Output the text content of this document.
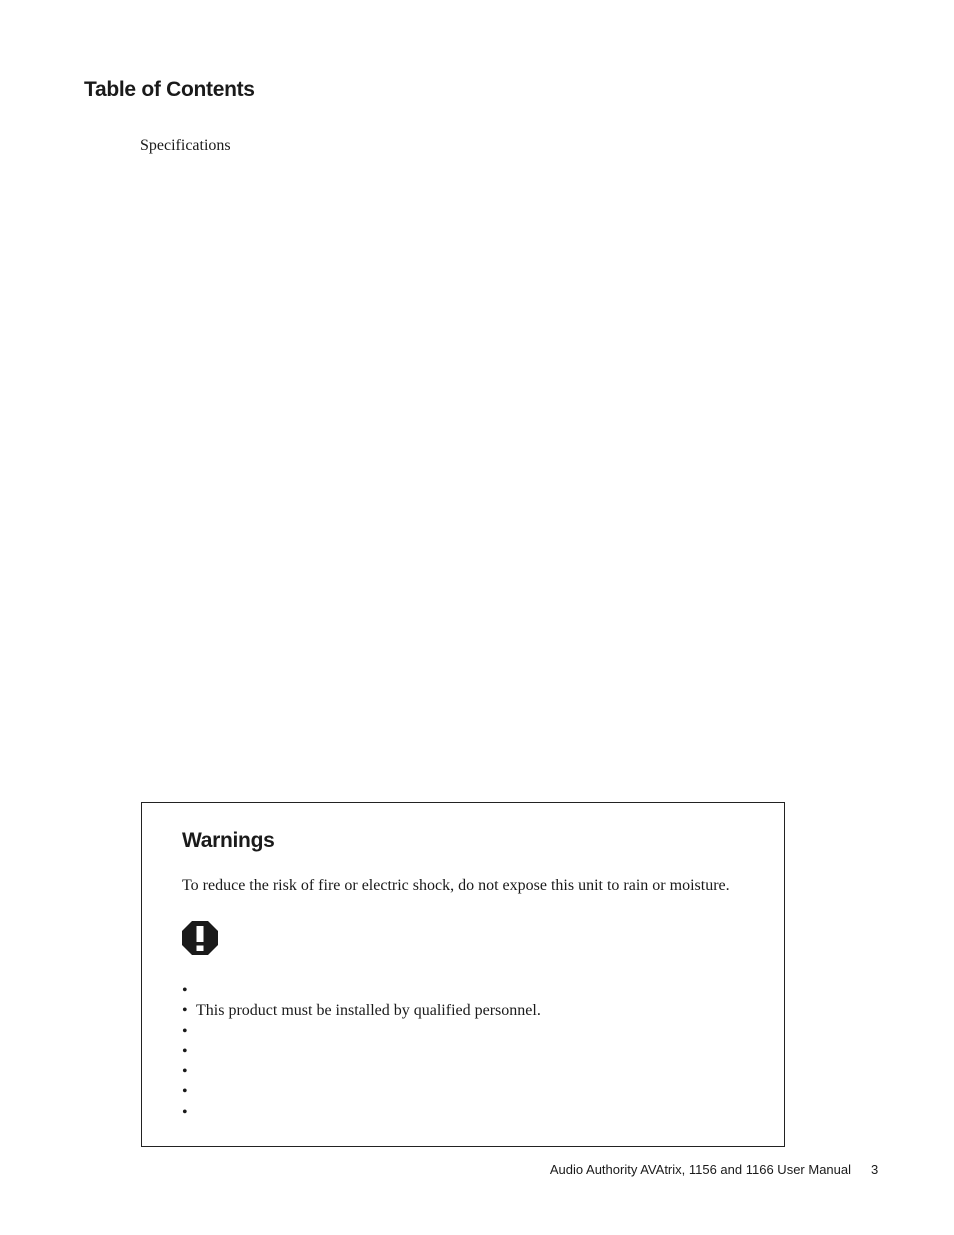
Table of Contents
Specifications
Warnings

To reduce the risk of fire or electric shock, do not expose this unit to rain or moisture.

•
• This product must be installed by qualified personnel.
•
•
•
•
•
Audio Authority AVAtrix, 1156 and 1166 User Manual 3
